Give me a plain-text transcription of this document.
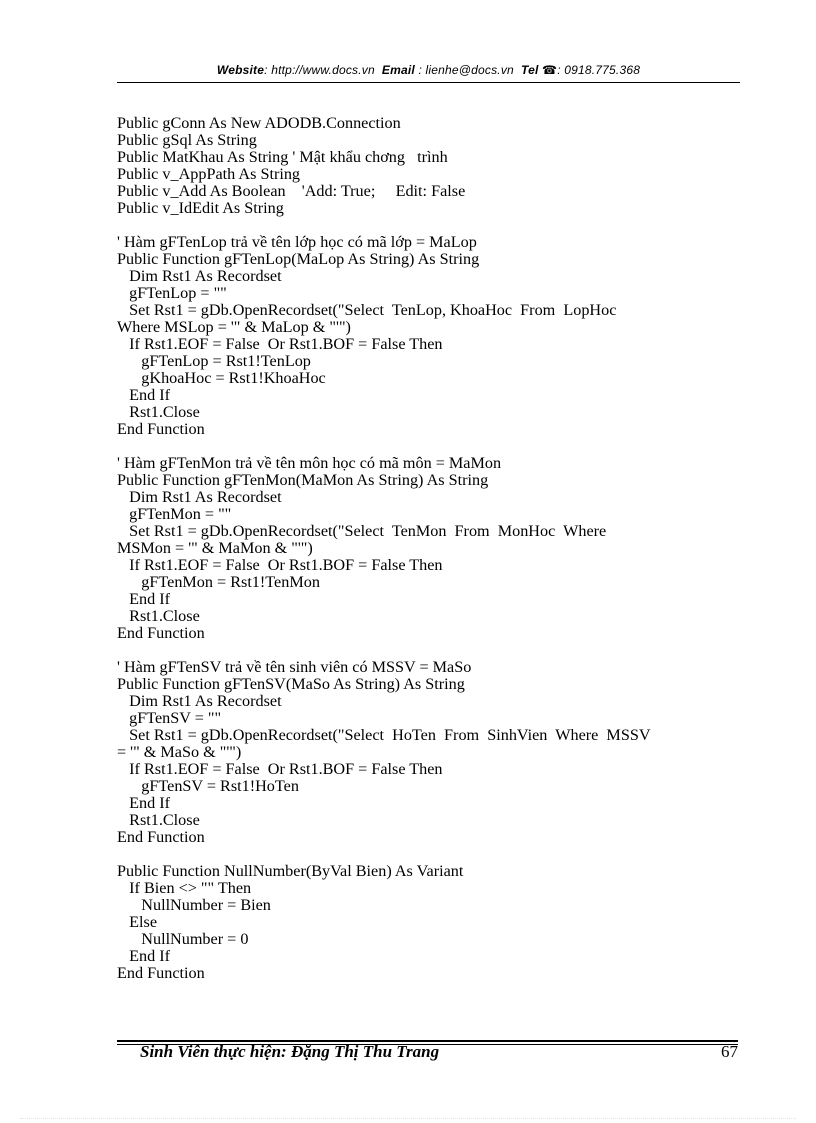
Website: http://www.docs.vn Email : lienhe@docs.vn Tel ☎: 0918.775.368
Public gConn As New ADODB.Connection
Public gSql As String
Public MatKhau As String ' Mật khẩu chơng   trình
Public v_AppPath As String
Public v_Add As Boolean    'Add: True;     Edit: False
Public v_IdEdit As String
' Hàm gFTenLop trả về tên lớp học có mã lớp = MaLop
Public Function gFTenLop(MaLop As String) As String
Dim Rst1 As Recordset
gFTenLop = ""
Set Rst1 = gDb.OpenRecordset("Select  TenLop, KhoaHoc  From  LopHoc
Where MSLop = '" & MaLop & "'")
If Rst1.EOF = False  Or Rst1.BOF = False Then
gFTenLop = Rst1!TenLop
gKhoaHoc = Rst1!KhoaHoc
End If
Rst1.Close
End Function
' Hàm gFTenMon trả về tên môn học có mã môn = MaMon
Public Function gFTenMon(MaMon As String) As String
Dim Rst1 As Recordset
gFTenMon = ""
Set Rst1 = gDb.OpenRecordset("Select  TenMon  From  MonHoc  Where
MSMon = '" & MaMon & "'")
If Rst1.EOF = False  Or Rst1.BOF = False Then
gFTenMon = Rst1!TenMon
End If
Rst1.Close
End Function
' Hàm gFTenSV trả về tên sinh viên có MSSV = MaSo
Public Function gFTenSV(MaSo As String) As String
Dim Rst1 As Recordset
gFTenSV = ""
Set Rst1 = gDb.OpenRecordset("Select  HoTen  From  SinhVien  Where  MSSV
= '" & MaSo & "'")
If Rst1.EOF = False  Or Rst1.BOF = False Then
gFTenSV = Rst1!HoTen
End If
Rst1.Close
End Function
Public Function NullNumber(ByVal Bien) As Variant
If Bien <> "" Then
NullNumber = Bien
Else
NullNumber = 0
End If
End Function
Sinh Viên thực hiện: Đặng Thị Thu Trang	67
